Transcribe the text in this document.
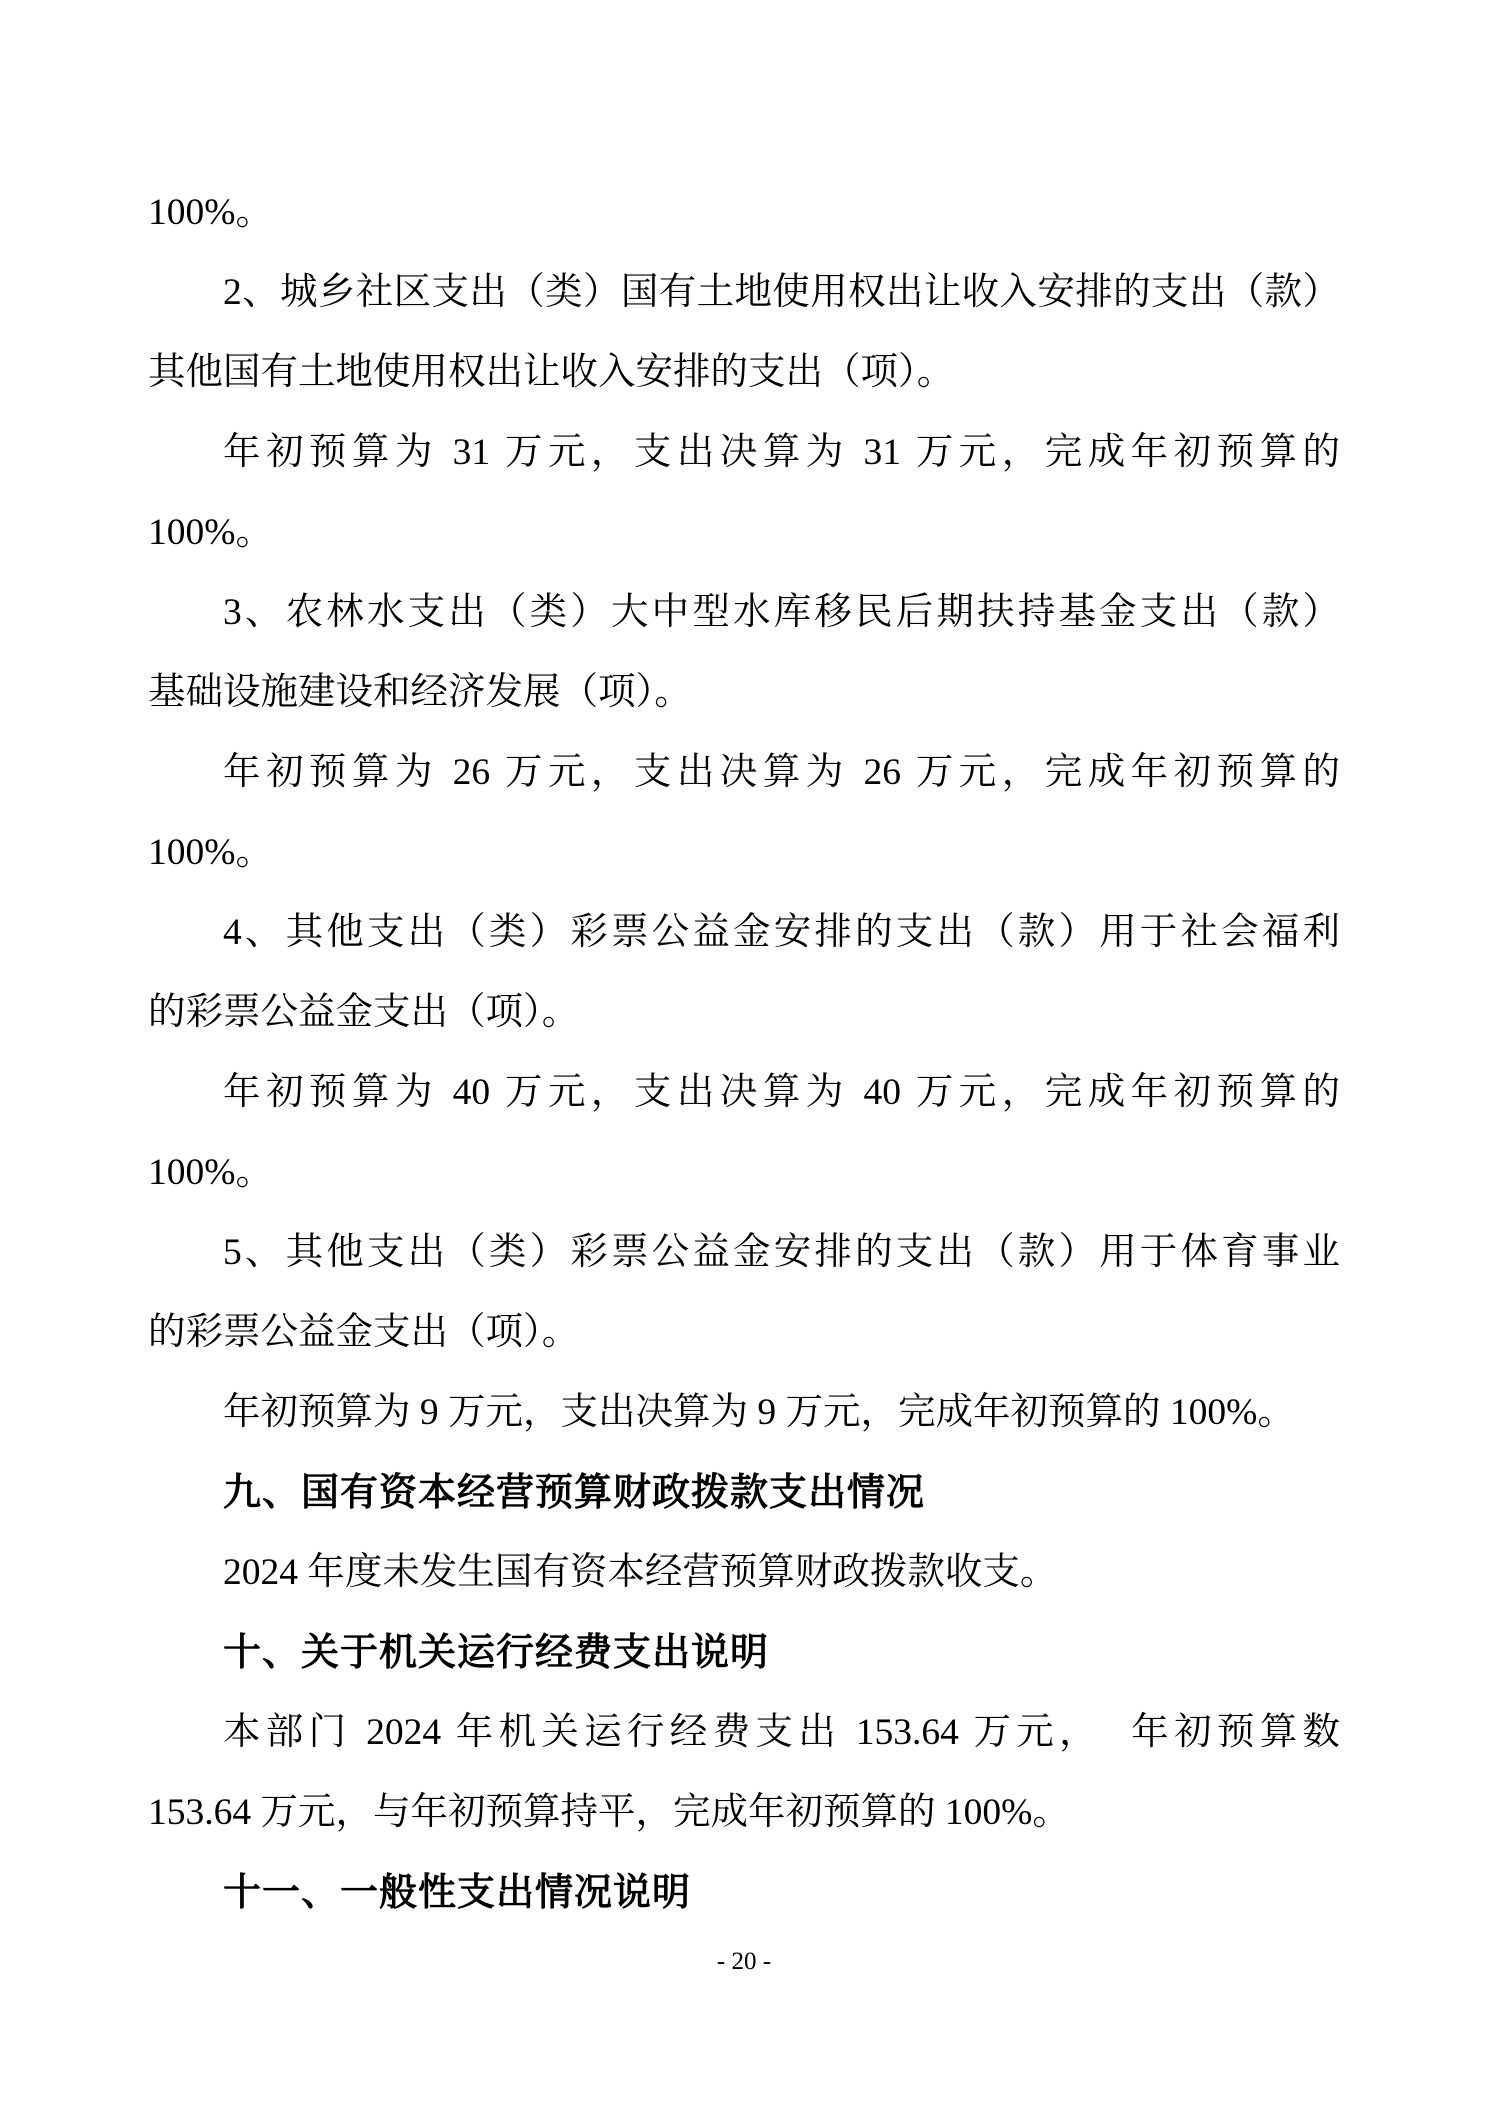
100%。
2、城乡社区支出（类）国有土地使用权出让收入安排的支出（款）
其他国有土地使用权出让收入安排的支出（项）。
年初预算为 31 万元，支出决算为 31 万元，完成年初预算的
100%。
3、农林水支出（类）大中型水库移民后期扶持基金支出（款）
基础设施建设和经济发展（项）。
年初预算为 26 万元，支出决算为 26 万元，完成年初预算的
100%。
4、其他支出（类）彩票公益金安排的支出（款）用于社会福利
的彩票公益金支出（项）。
年初预算为 40 万元，支出决算为 40 万元，完成年初预算的
100%。
5、其他支出（类）彩票公益金安排的支出（款）用于体育事业
的彩票公益金支出（项）。
年初预算为 9 万元，支出决算为 9 万元，完成年初预算的 100%。
九、国有资本经营预算财政拨款支出情况
2024 年度未发生国有资本经营预算财政拨款收支。
十、关于机关运行经费支出说明
本部门 2024 年机关运行经费支出 153.64 万元，  年初预算数
153.64 万元，与年初预算持平，完成年初预算的 100%。
十一、一般性支出情况说明
- 20 -
